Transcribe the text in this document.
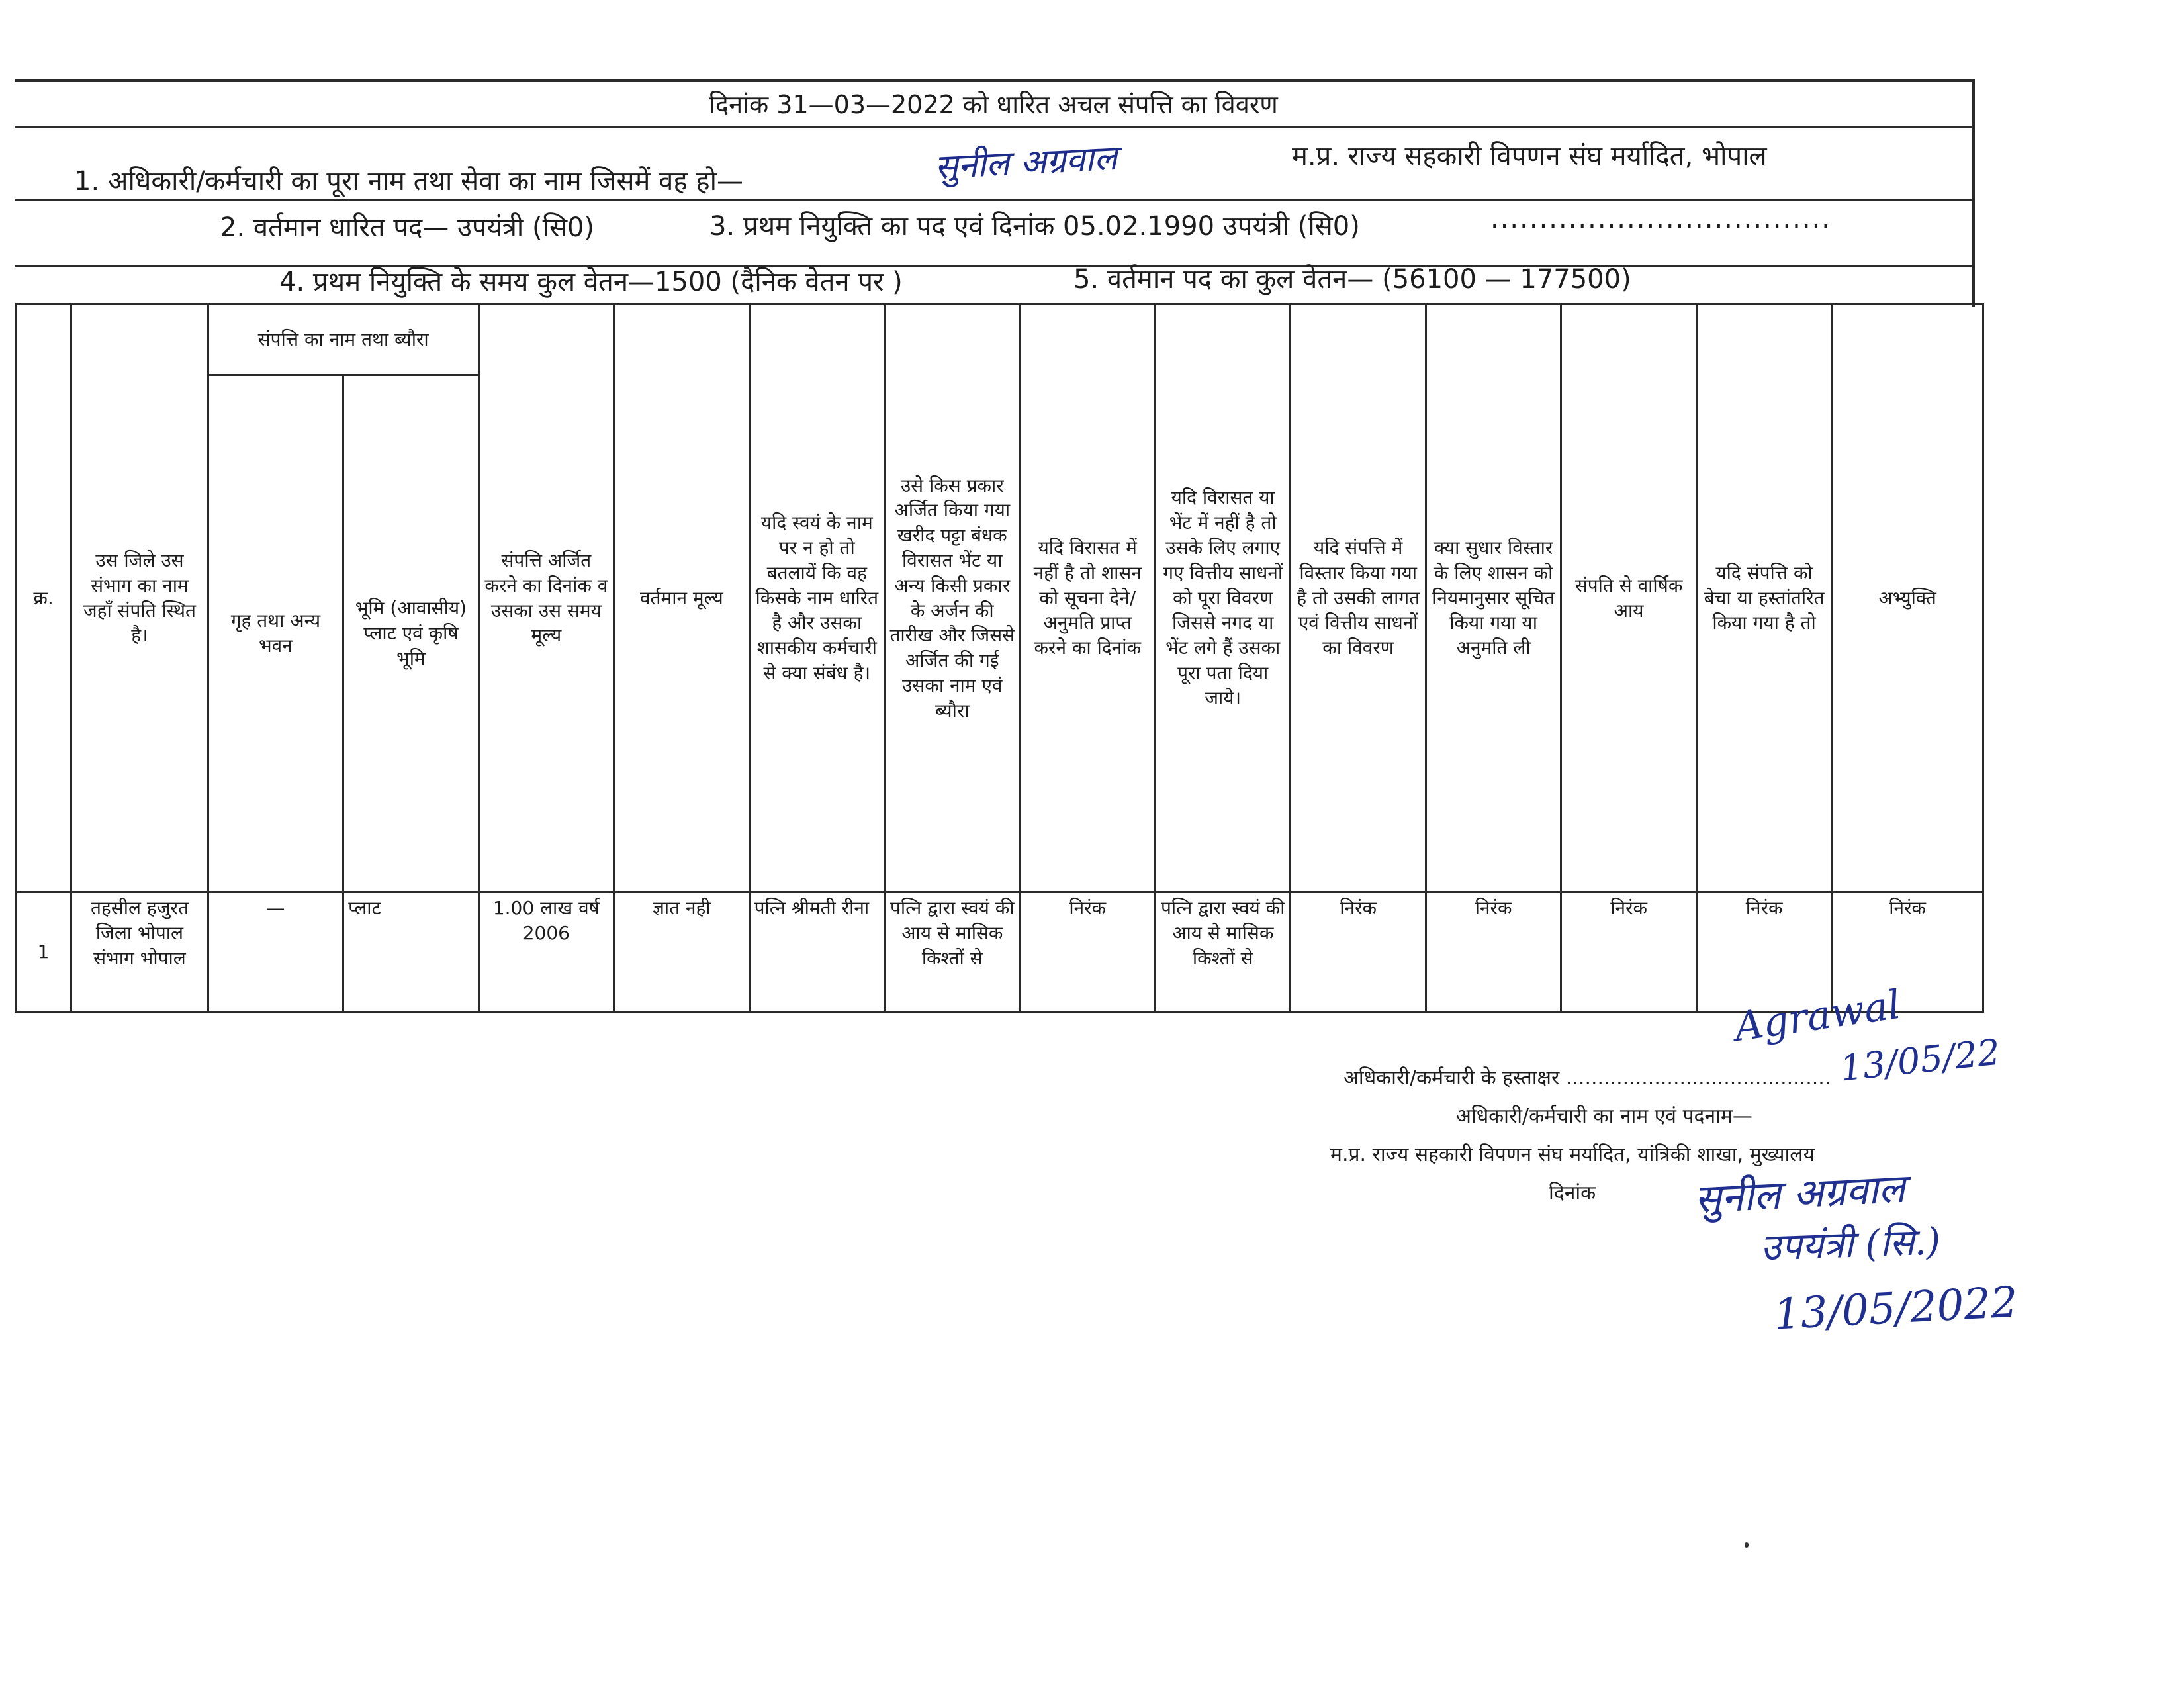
दिनांक 31—03—2022 को धारित अचल संपत्ति का विवरण
1. अधिकारी/कर्मचारी का पूरा नाम तथा सेवा का नाम जिसमें वह हो—	सुनील अग्रवाल	म.प्र. राज्य सहकारी विपणन संघ मर्यादित, भोपाल
2. वर्तमान धारित पद— उपयंत्री (सि0)	3. प्रथम नियुक्ति का पद एवं दिनांक 05.02.1990 उपयंत्री (सि0)	...................................
4. प्रथम नियुक्ति के समय कुल वेतन—1500 (दैनिक वेतन पर )	5. वर्तमान पद का कुल वेतन— (56100 — 177500)
क्र.	उस जिले उस संभाग का नाम जहाँ संपति स्थित है।	संपत्ति का नाम तथा ब्यौरा		संपत्ति अर्जित करने का दिनांक व उसका उस समय मूल्य	वर्तमान मूल्य	यदि स्वयं के नाम पर न हो तो बतलायें कि वह किसके नाम धारित है और उसका शासकीय कर्मचारी से क्या संबंध है।	उसे किस प्रकार अर्जित किया गया खरीद पट्टा बंधक विरासत भेंट या अन्य किसी प्रकार के अर्जन की तारीख और जिससे अर्जित की गई उसका नाम एवं ब्यौरा	यदि विरासत में नहीं है तो शासन को सूचना देने/अनुमति प्राप्त करने का दिनांक	यदि विरासत या भेंट में नहीं है तो उसके लिए लगाए गए वित्तीय साधनों को पूरा विवरण जिससे नगद या भेंट लगे हैं उसका पूरा पता दिया जाये।	यदि संपत्ति में विस्तार किया गया है तो उसकी लागत एवं वित्तीय साधनों का विवरण	क्या सुधार विस्तार के लिए शासन को नियमानुसार सूचित किया गया या अनुमति ली	संपति से वार्षिक आय	यदि संपत्ति को बेचा या हस्तांतरित किया गया है तो	अभ्युक्ति
		गृह तथा अन्य भवन	भूमि (आवासीय) प्लाट एवं कृषि भूमि											
1	तहसील हजुरत जिला भोपाल संभाग भोपाल	—	प्लाट	1.00 लाख वर्ष 2006	ज्ञात नही	पत्नि श्रीमती रीना	पत्नि द्वारा स्वयं की आय से मासिक किश्तों से	निरंक	पत्नि द्वारा स्वयं की आय से मासिक किश्तों से	निरंक	निरंक	निरंक	निरंक	निरंक
अधिकारी/कर्मचारी के हस्ताक्षर ..........................................
अधिकारी/कर्मचारी का नाम एवं पदनाम—
म.प्र. राज्य सहकारी विपणन संघ मर्यादित, यांत्रिकी शाखा, मुख्यालय
दिनांक
Agrawal
13/05/22
सुनील अग्रवाल
उपयंत्री (सि.)
13/05/2022
